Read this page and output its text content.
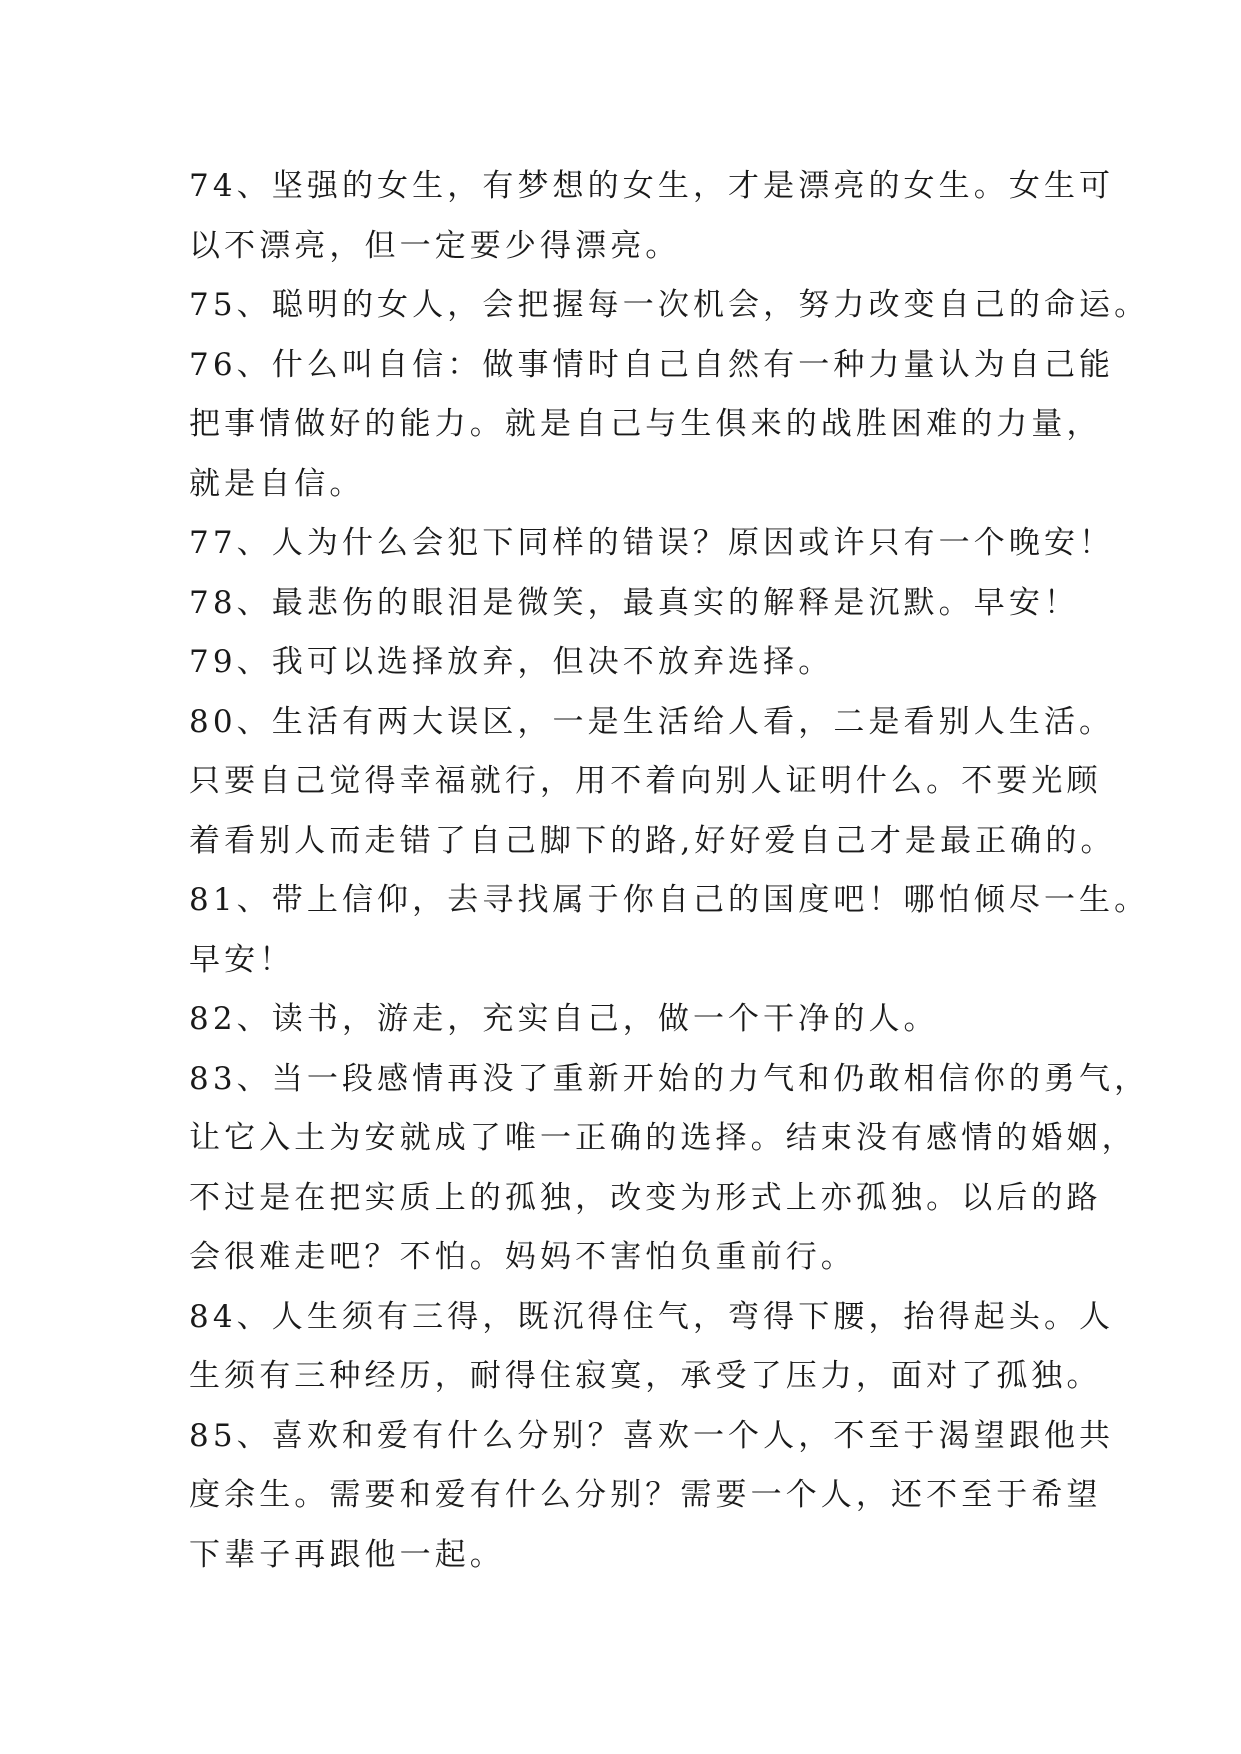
74、坚强的女生，有梦想的女生，才是漂亮的女生。女生可
以不漂亮，但一定要少得漂亮。

75、聪明的女人，会把握每一次机会，努力改变自己的命运。

76、什么叫自信：做事情时自己自然有一种力量认为自己能
把事情做好的能力。就是自己与生俱来的战胜困难的力量，
就是自信。

77、人为什么会犯下同样的错误？原因或许只有一个晚安！

78、最悲伤的眼泪是微笑，最真实的解释是沉默。早安！

79、我可以选择放弃，但决不放弃选择。

80、生活有两大误区，一是生活给人看，二是看别人生活。
只要自己觉得幸福就行，用不着向别人证明什么。不要光顾
着看别人而走错了自己脚下的路,好好爱自己才是最正确的。

81、带上信仰，去寻找属于你自己的国度吧！哪怕倾尽一生。
早安！

82、读书，游走，充实自己，做一个干净的人。

83、当一段感情再没了重新开始的力气和仍敢相信你的勇气，
让它入土为安就成了唯一正确的选择。结束没有感情的婚姻，
不过是在把实质上的孤独，改变为形式上亦孤独。以后的路
会很难走吧？不怕。妈妈不害怕负重前行。

84、人生须有三得，既沉得住气，弯得下腰，抬得起头。人
生须有三种经历，耐得住寂寞，承受了压力，面对了孤独。

85、喜欢和爱有什么分别？喜欢一个人，不至于渴望跟他共
度余生。需要和爱有什么分别？需要一个人，还不至于希望
下辈子再跟他一起。
